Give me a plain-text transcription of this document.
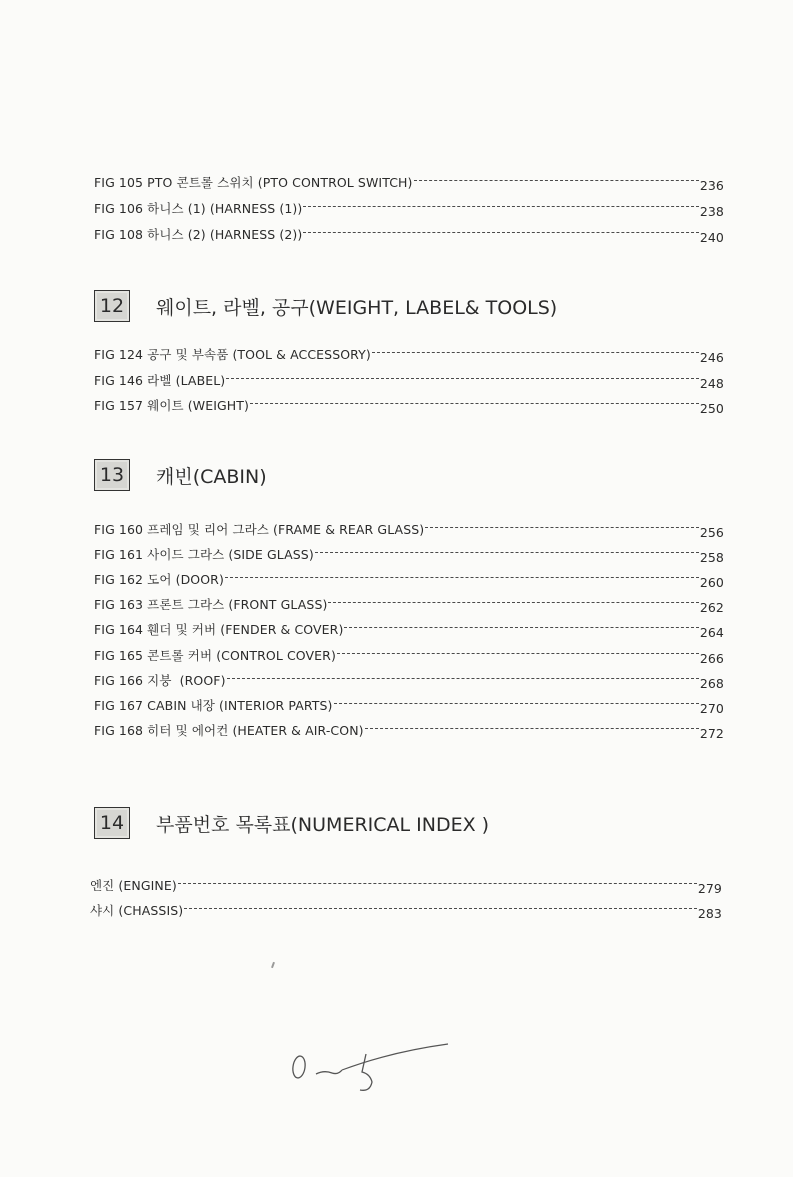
FIG 105 PTO 콘트롤 스위치 (PTO CONTROL SWITCH)	236
FIG 106 하니스 (1) (HARNESS (1))	238
FIG 108 하니스 (2) (HARNESS (2))	240
12	웨이트, 라벨, 공구(WEIGHT, LABEL& TOOLS)
FIG 124 공구 및 부속품 (TOOL & ACCESSORY)	246
FIG 146 라벨 (LABEL)	248
FIG 157 웨이트 (WEIGHT)	250
13	캐빈(CABIN)
FIG 160 프레임 및 리어 그라스 (FRAME & REAR GLASS)	256
FIG 161 사이드 그라스 (SIDE GLASS)	258
FIG 162 도어 (DOOR)	260
FIG 163 프론트 그라스 (FRONT GLASS)	262
FIG 164 휀더 및 커버 (FENDER & COVER)	264
FIG 165 콘트롤 커버 (CONTROL COVER)	266
FIG 166 지붕  (ROOF)	268
FIG 167 CABIN 내장 (INTERIOR PARTS)	270
FIG 168 히터 및 에어컨 (HEATER & AIR-CON)	272
14	부품번호 목록표(NUMERICAL INDEX )
엔진 (ENGINE)	279
샤시 (CHASSIS)	283
